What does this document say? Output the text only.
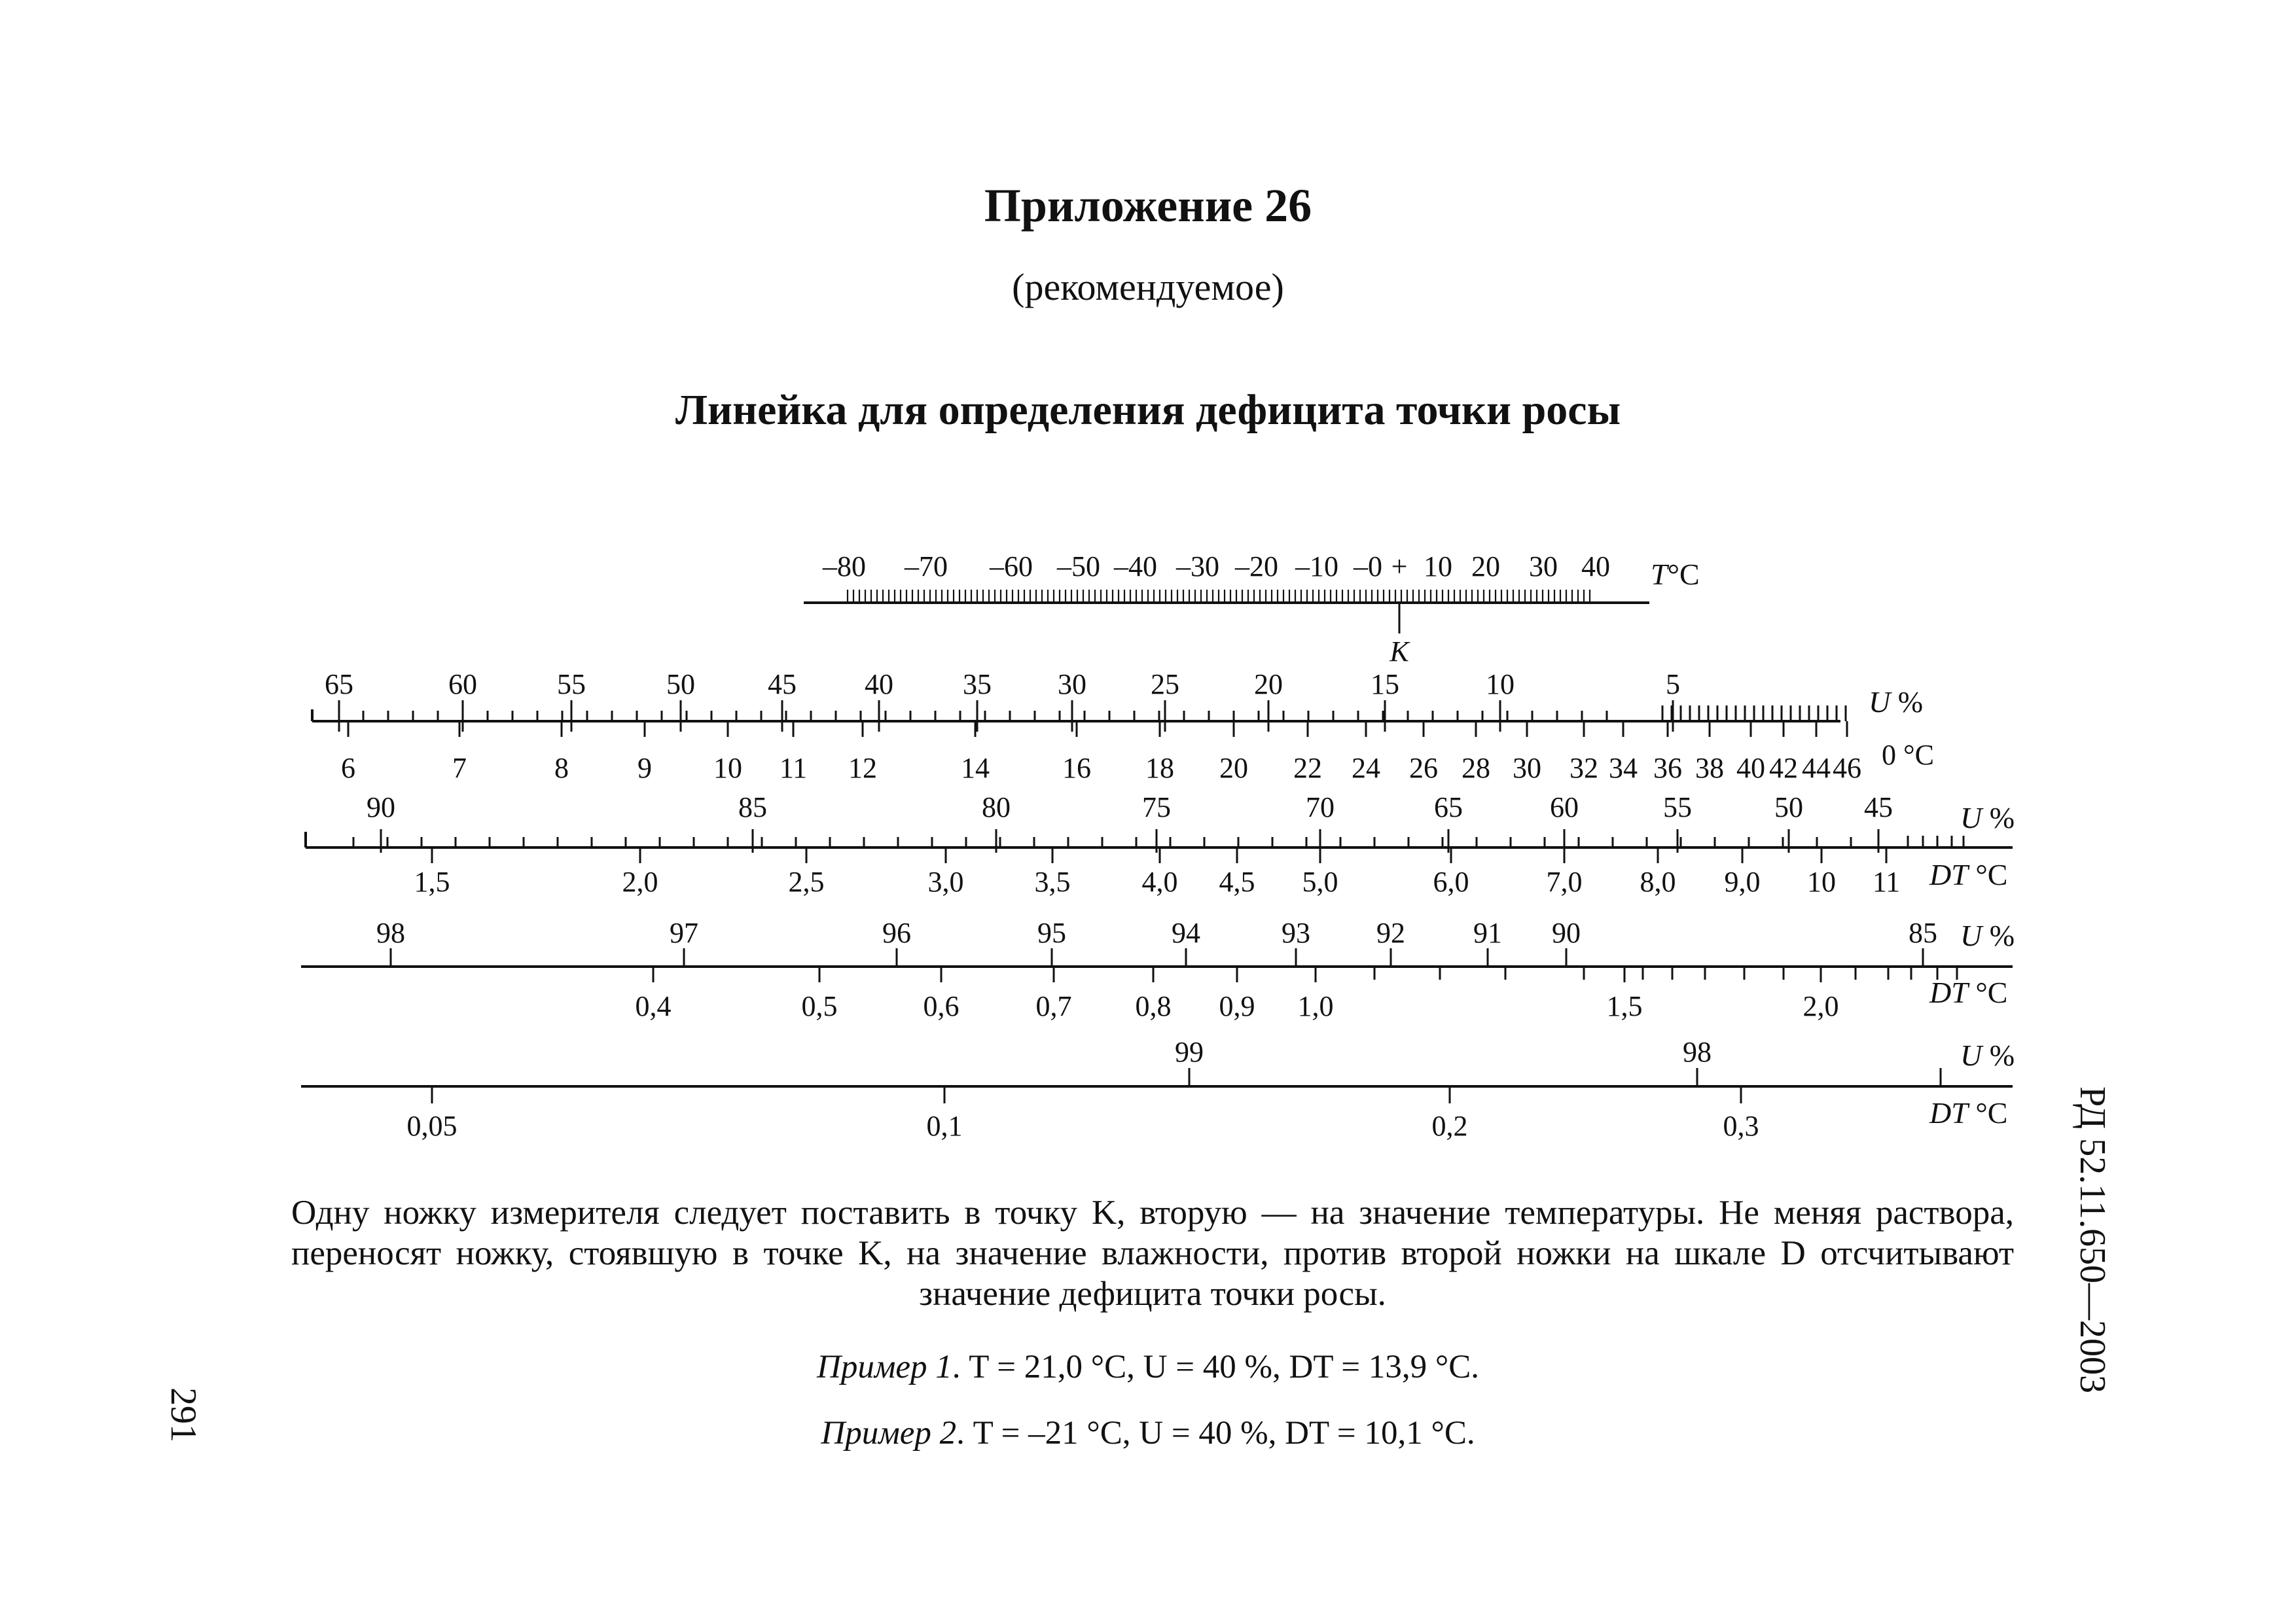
Приложение 26
(рекомендуемое)
Линейка для определения дефицита точки росы
–80 –70 –60 –50 –40 –30 –20 –10 –0 + 10 20 30 40 T°C
K
65	60	55	50	45 40 35 30 25	20	15	10	5
6	7	8 9 10 11 12	14	16 18 20 22 24 26 28 30 32 34 36 38 40 42 44 46
U %
0 °C
90	85	80	75	70	65	60	55	50 45
1,5	2,0	2,5	3,0 3,5 4,0 4,5 5,0	6,0	7,0 8,0 9,0 10 11
U %
DT °C
98	97	96	95	94	93 92 91 90	85
0,4	0,5	0,6	0,7 0,8 0,9 1,0	1,5	2,0
U %
DT °C
99	98
0,05	0,1	0,2	0,3
U %
DT °C
Одну ножку измерителя следует поставить в точку K, вторую — на значение температуры. Не меняя раствора, переносят ножку, стоявшую в точке K, на значение влажности, против второй ножки на шкале D отсчитывают значение дефицита точки росы.
Пример 1. T = 21,0 °C, U = 40 %, DT = 13,9 °C.
Пример 2. T = –21 °C, U = 40 %, DT = 10,1 °C.
291
РД 52.11.650—2003
